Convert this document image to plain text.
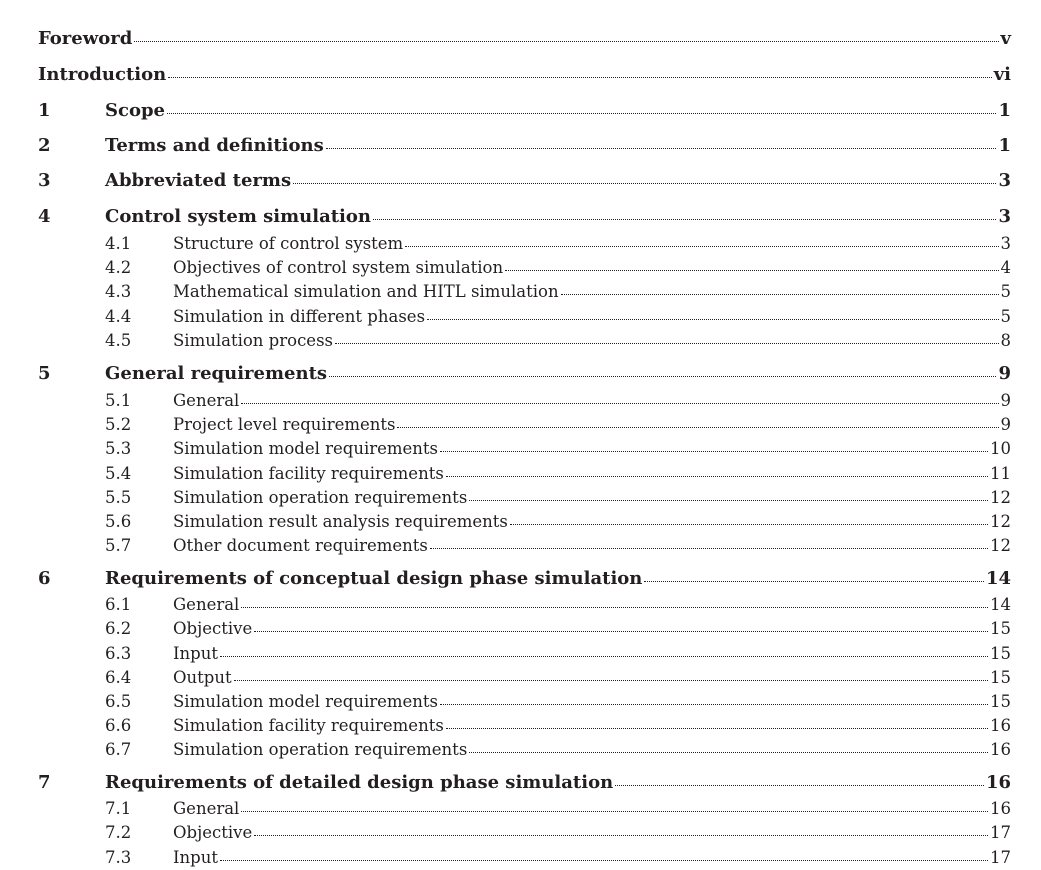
Foreword	v
Introduction	vi
1	Scope	1
2	Terms and definitions	1
3	Abbreviated terms	3
4	Control system simulation	3
4.1	Structure of control system	3
4.2	Objectives of control system simulation	4
4.3	Mathematical simulation and HITL simulation	5
4.4	Simulation in different phases	5
4.5	Simulation process	8
5	General requirements	9
5.1	General	9
5.2	Project level requirements	9
5.3	Simulation model requirements	10
5.4	Simulation facility requirements	11
5.5	Simulation operation requirements	12
5.6	Simulation result analysis requirements	12
5.7	Other document requirements	12
6	Requirements of conceptual design phase simulation	14
6.1	General	14
6.2	Objective	15
6.3	Input	15
6.4	Output	15
6.5	Simulation model requirements	15
6.6	Simulation facility requirements	16
6.7	Simulation operation requirements	16
7	Requirements of detailed design phase simulation	16
7.1	General	16
7.2	Objective	17
7.3	Input	17
